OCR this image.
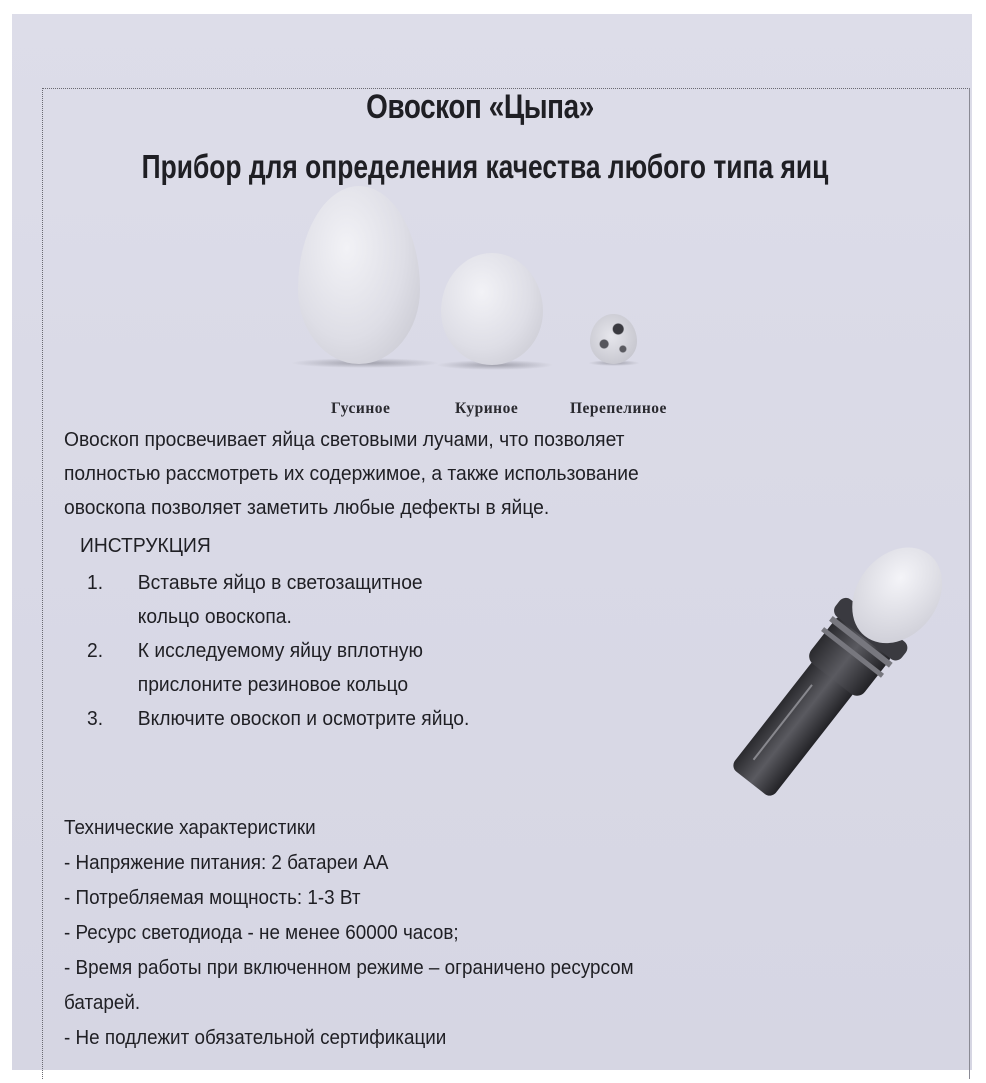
Овоскоп «Цыпа»
Прибор для определения качества любого типа яиц
Гусиное	Куриное	Перепелиное
Овоскоп просвечивает яйца световыми лучами, что позволяет
полностью рассмотреть их содержимое, а также использование
овоскопа позволяет заметить любые дефекты в яйце.
ИНСТРУКЦИЯ
1. Вставьте яйцо в светозащитное
кольцо овоскопа.
2. К исследуемому яйцу вплотную
прислоните резиновое кольцо
3. Включите овоскоп и осмотрите яйцо.
Технические характеристики
- Напряжение питания: 2 батареи АА
- Потребляемая мощность: 1-3 Вт
- Ресурс светодиода - не менее 60000 часов;
- Время работы при включенном режиме – ограничено ресурсом
батарей.
- Не подлежит обязательной сертификации
